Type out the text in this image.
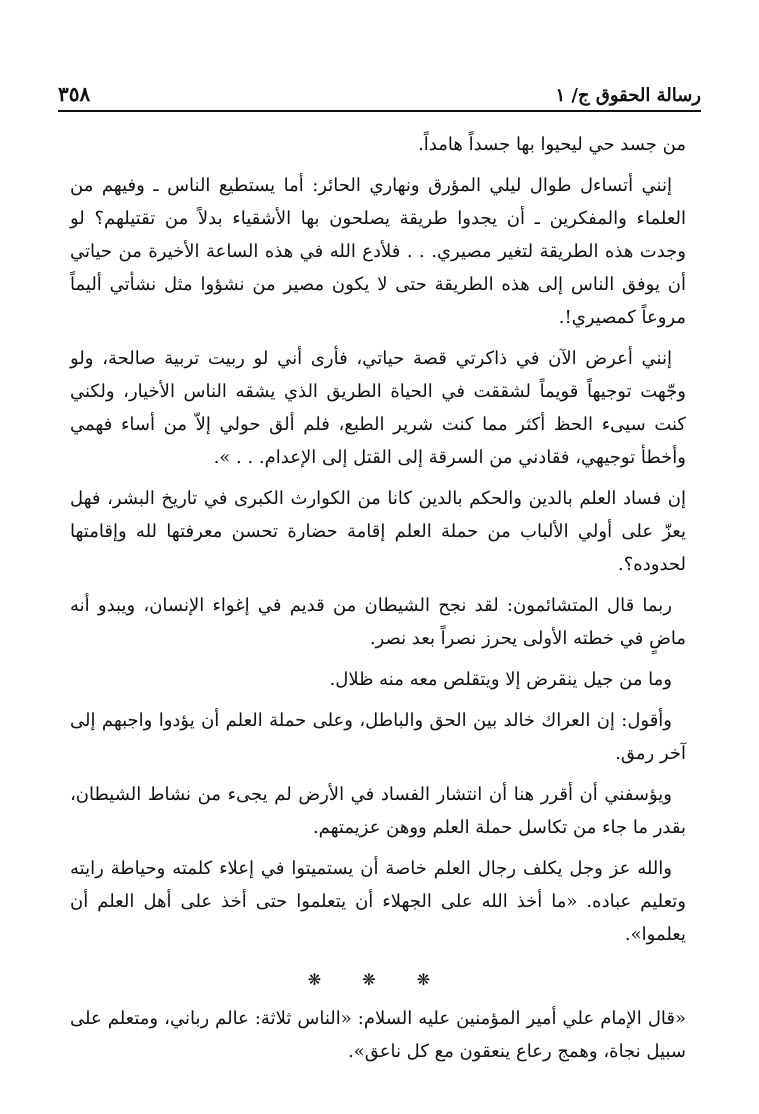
٣٥٨	رسالة الحقوق ج/ ١

من جسد حي ليحيوا بها جسداً هامداً.

إنني أتساءل طوال ليلي المؤرق ونهاري الحائر: أما يستطيع الناس ـ وفيهم من العلماء والمفكرين ـ أن يجدوا طريقة يصلحون بها الأشقياء بدلاً من تقتيلهم؟ لو وجدت هذه الطريقة لتغير مصيري. . . فلأدع الله في هذه الساعة الأخيرة من حياتي أن يوفق الناس إلى هذه الطريقة حتى لا يكون مصير من نشؤوا مثل نشأتي أليماً مروعاً كمصيري!.

إنني أعرض الآن في ذاكرتي قصة حياتي، فأرى أني لو ربيت تربية صالحة، ولو وجّهت توجيهاً قويماً لشققت في الحياة الطريق الذي يشقه الناس الأخيار، ولكني كنت سيىء الحظ أكثر مما كنت شرير الطبع، فلم ألق حولي إلاّ من أساء فهمي وأخطأ توجيهي، فقادني من السرقة إلى القتل إلى الإعدام. . . ».

إن فساد العلم بالدين والحكم بالدين كانا من الكوارث الكبرى في تاريخ البشر، فهل يعزّ على أولي الألباب من حملة العلم إقامة حضارة تحسن معرفتها لله وإقامتها لحدوده؟.

ربما قال المتشائمون: لقد نجح الشيطان من قديم في إغواء الإنسان، ويبدو أنه ماضٍ في خطته الأولى يحرز نصراً بعد نصر.

وما من جيل ينقرض إلا ويتقلص معه منه ظلال.

وأقول: إن العراك خالد بين الحق والباطل، وعلى حملة العلم أن يؤدوا واجبهم إلى آخر رمق.

ويؤسفني أن أقرر هنا أن انتشار الفساد في الأرض لم يجىء من نشاط الشيطان، بقدر ما جاء من تكاسل حملة العلم ووهن عزيمتهم.

والله عز وجل يكلف رجال العلم خاصة أن يستميتوا في إعلاء كلمته وحياطة رايته وتعليم عباده. «ما أخذ الله على الجهلاء أن يتعلموا حتى أخذ على أهل العلم أن يعلموا».

❋ ❋ ❋

«قال الإمام علي أمير المؤمنين عليه السلام: «الناس ثلاثة: عالم رباني، ومتعلم على سبيل نجاة، وهمج رعاع ينعقون مع كل ناعق».
